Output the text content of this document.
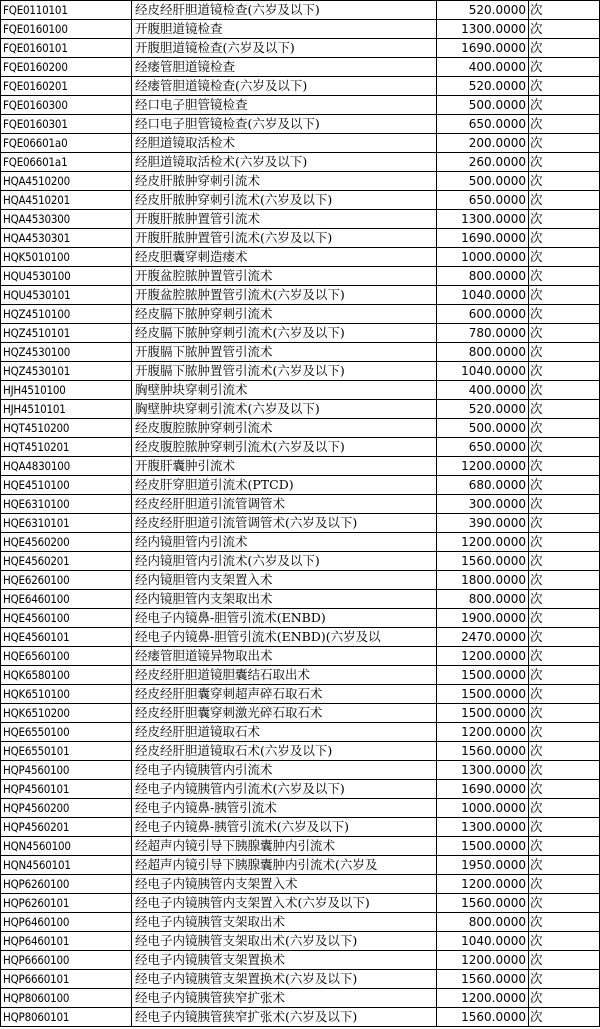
FQE0110101	经皮经肝胆道镜检查(六岁及以下)	520.0000	次
FQE0160100	开腹胆道镜检查	1300.0000	次
FQE0160101	开腹胆道镜检查(六岁及以下)	1690.0000	次
FQE0160200	经瘘管胆道镜检查	400.0000	次
FQE0160201	经瘘管胆道镜检查(六岁及以下)	520.0000	次
FQE0160300	经口电子胆管镜检查	500.0000	次
FQE0160301	经口电子胆管镜检查(六岁及以下)	650.0000	次
FQE06601a0	经胆道镜取活检术	200.0000	次
FQE06601a1	经胆道镜取活检术(六岁及以下)	260.0000	次
HQA4510200	经皮肝脓肿穿刺引流术	500.0000	次
HQA4510201	经皮肝脓肿穿刺引流术(六岁及以下)	650.0000	次
HQA4530300	开腹肝脓肿置管引流术	1300.0000	次
HQA4530301	开腹肝脓肿置管引流术(六岁及以下)	1690.0000	次
HQK5010100	经皮胆囊穿刺造瘘术	1000.0000	次
HQU4530100	开腹盆腔脓肿置管引流术	800.0000	次
HQU4530101	开腹盆腔脓肿置管引流术(六岁及以下)	1040.0000	次
HQZ4510100	经皮膈下脓肿穿刺引流术	600.0000	次
HQZ4510101	经皮膈下脓肿穿刺引流术(六岁及以下)	780.0000	次
HQZ4530100	开腹膈下脓肿置管引流术	800.0000	次
HQZ4530101	开腹膈下脓肿置管引流术(六岁及以下)	1040.0000	次
HJH4510100	胸壁肿块穿刺引流术	400.0000	次
HJH4510101	胸壁肿块穿刺引流术(六岁及以下)	520.0000	次
HQT4510200	经皮腹腔脓肿穿刺引流术	500.0000	次
HQT4510201	经皮腹腔脓肿穿刺引流术(六岁及以下)	650.0000	次
HQA4830100	开腹肝囊肿引流术	1200.0000	次
HQE4510100	经皮肝穿胆道引流术(PTCD)	680.0000	次
HQE6310100	经皮经肝胆道引流管调管术	300.0000	次
HQE6310101	经皮经肝胆道引流管调管术(六岁及以下)	390.0000	次
HQE4560200	经内镜胆管内引流术	1200.0000	次
HQE4560201	经内镜胆管内引流术(六岁及以下)	1560.0000	次
HQE6260100	经内镜胆管内支架置入术	1800.0000	次
HQE6460100	经内镜胆管内支架取出术	800.0000	次
HQE4560100	经电子内镜鼻-胆管引流术(ENBD)	1900.0000	次
HQE4560101	经电子内镜鼻-胆管引流术(ENBD)(六岁及以	2470.0000	次
HQE6560100	经瘘管胆道镜异物取出术	1200.0000	次
HQK6580100	经皮经肝胆道镜胆囊结石取出术	1500.0000	次
HQK6510100	经皮经肝胆囊穿刺超声碎石取石术	1500.0000	次
HQK6510200	经皮经肝胆囊穿刺激光碎石取石术	1500.0000	次
HQE6550100	经皮经肝胆道镜取石术	1200.0000	次
HQE6550101	经皮经肝胆道镜取石术(六岁及以下)	1560.0000	次
HQP4560100	经电子内镜胰管内引流术	1300.0000	次
HQP4560101	经电子内镜胰管内引流术(六岁及以下)	1690.0000	次
HQP4560200	经电子内镜鼻-胰管引流术	1000.0000	次
HQP4560201	经电子内镜鼻-胰管引流术(六岁及以下)	1300.0000	次
HQN4560100	经超声内镜引导下胰腺囊肿内引流术	1500.0000	次
HQN4560101	经超声内镜引导下胰腺囊肿内引流术(六岁及	1950.0000	次
HQP6260100	经电子内镜胰管内支架置入术	1200.0000	次
HQP6260101	经电子内镜胰管内支架置入术(六岁及以下)	1560.0000	次
HQP6460100	经电子内镜胰管支架取出术	800.0000	次
HQP6460101	经电子内镜胰管支架取出术(六岁及以下)	1040.0000	次
HQP6660100	经电子内镜胰管支架置换术	1200.0000	次
HQP6660101	经电子内镜胰管支架置换术(六岁及以下)	1560.0000	次
HQP8060100	经电子内镜胰管狭窄扩张术	1200.0000	次
HQP8060101	经电子内镜胰管狭窄扩张术(六岁及以下)	1560.0000	次
